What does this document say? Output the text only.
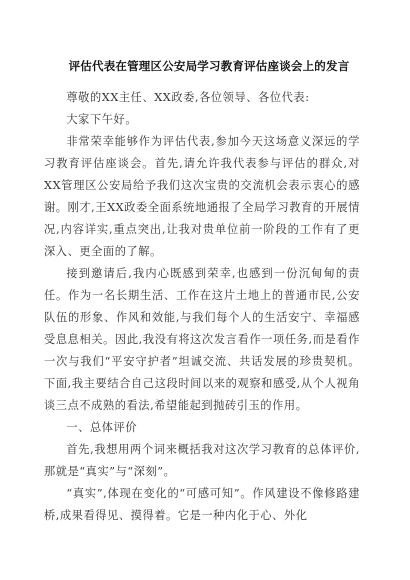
评估代表在管理区公安局学习教育评估座谈会上的发言

尊敬的XX主任、XX政委,各位领导、各位代表:

大家下午好。

非常荣幸能够作为评估代表,参加今天这场意义深远的学习教育评估座谈会。首先,请允许我代表参与评估的群众,对XX管理区公安局给予我们这次宝贵的交流机会表示衷心的感谢。刚才,王XX政委全面系统地通报了全局学习教育的开展情况,内容详实,重点突出,让我对贵单位前一阶段的工作有了更深入、更全面的了解。

接到邀请后,我内心既感到荣幸,也感到一份沉甸甸的责任。作为一名长期生活、工作在这片土地上的普通市民,公安队伍的形象、作风和效能,与我们每个人的生活安宁、幸福感受息息相关。因此,我没有将这次发言看作一项任务,而是看作一次与我们“平安守护者”坦诚交流、共话发展的珍贵契机。下面,我主要结合自己这段时间以来的观察和感受,从个人视角谈三点不成熟的看法,希望能起到抛砖引玉的作用。

一、总体评价

首先,我想用两个词来概括我对这次学习教育的总体评价,那就是“真实”与“深刻”。

“真实”,体现在变化的“可感可知”。作风建设不像修路建桥,成果看得见、摸得着。它是一种内化于心、外化
